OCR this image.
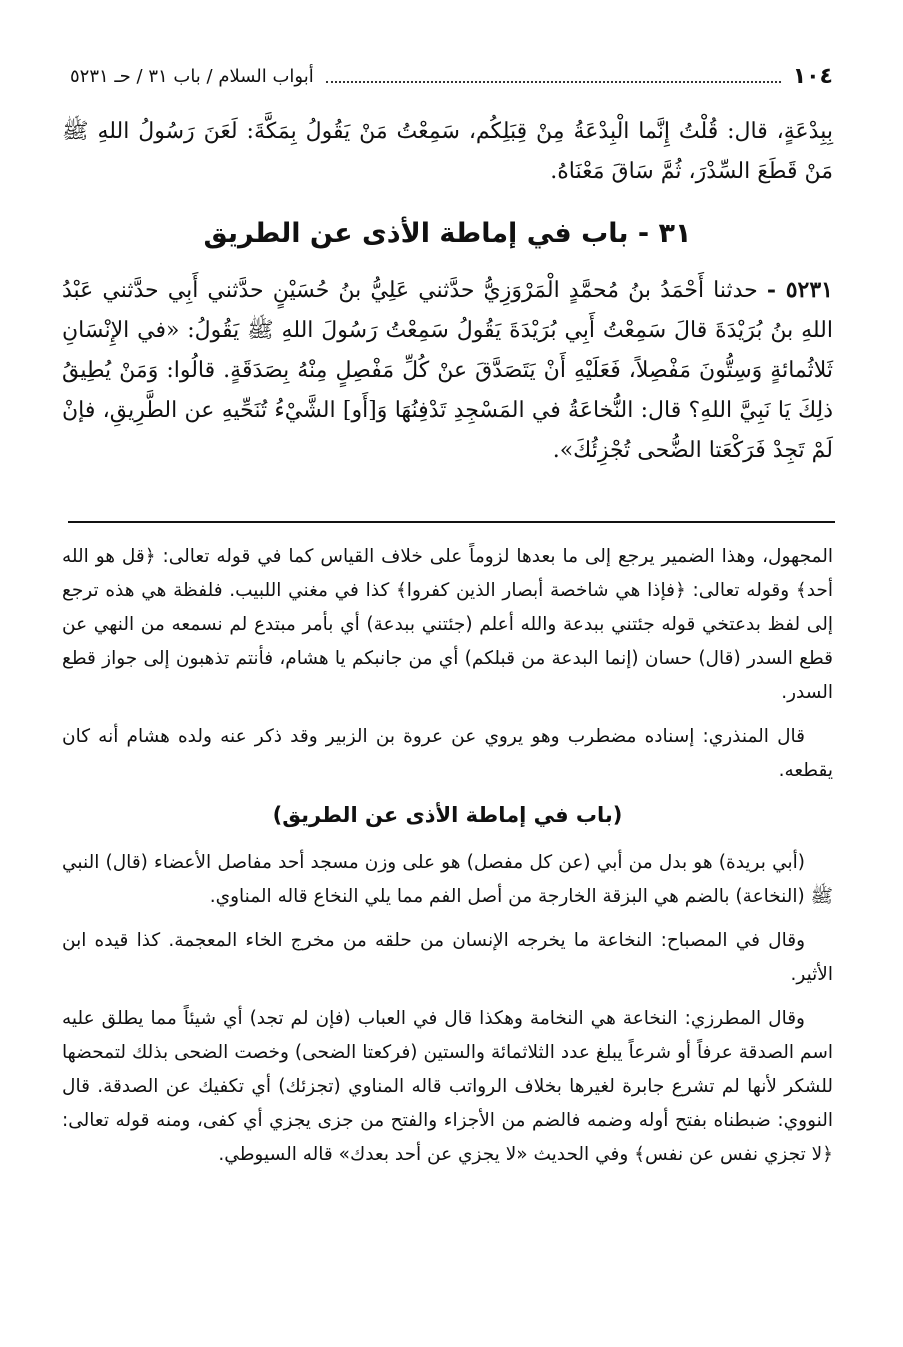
١٠٤
أبواب السلام / باب ٣١ / حـ ٥٢٣١

بِبِدْعَةٍ، قال: قُلْتُ إِنَّما الْبِدْعَةُ مِنْ قِبَلِكُم، سَمِعْتُ مَنْ يَقُولُ بِمَكَّةَ: لَعَنَ رَسُولُ اللهِ ﷺ مَنْ قَطَعَ السِّدْرَ، ثُمَّ سَاقَ مَعْنَاهُ.

٣١ - باب في إماطة الأذى عن الطريق

٥٢٣١ - حدثنا أَحْمَدُ بنُ مُحمَّدٍ الْمَرْوَزِيُّ حدَّثني عَلِيُّ بنُ حُسَيْنٍ حدَّثني أَبِي حدَّثني عَبْدُ اللهِ بنُ بُرَيْدَةَ قالَ سَمِعْتُ أَبِي بُرَيْدَةَ يَقُولُ سَمِعْتُ رَسُولَ اللهِ ﷺ يَقُولُ: «في الإِنْسَانِ ثَلاثُمائةٍ وَسِتُّونَ مَفْصِلاً، فَعَلَيْهِ أَنْ يَتَصَدَّقَ عنْ كُلِّ مَفْصِلٍ مِنْهُ بِصَدَقَةٍ. قالُوا: وَمَنْ يُطِيقُ ذلِكَ يَا نَبِيَّ اللهِ؟ قال: النُّخاعَةُ في المَسْجِدِ تَدْفِنُهَا وَ[أَو] الشَّيْءُ تُنَحِّيهِ عن الطَّرِيقِ، فإنْ لَمْ تَجِدْ فَرَكْعَتا الضُّحى تُجْزِئُكَ».

المجهول، وهذا الضمير يرجع إلى ما بعدها لزوماً على خلاف القياس كما في قوله تعالى: ﴿قل هو الله أحد﴾ وقوله تعالى: ﴿فإذا هي شاخصة أبصار الذين كفروا﴾ كذا في مغني اللبيب. فلفظة هي هذه ترجع إلى لفظ بدعتخي قوله جئتني ببدعة والله أعلم (جئتني ببدعة) أي بأمر مبتدع لم نسمعه من النهي عن قطع السدر (قال) حسان (إنما البدعة من قبلكم) أي من جانبكم يا هشام، فأنتم تذهبون إلى جواز قطع السدر.

قال المنذري: إسناده مضطرب وهو يروي عن عروة بن الزبير وقد ذكر عنه ولده هشام أنه كان يقطعه.

(باب في إماطة الأذى عن الطريق)

(أبي بريدة) هو بدل من أبي (عن كل مفصل) هو على وزن مسجد أحد مفاصل الأعضاء (قال) النبي ﷺ (النخاعة) بالضم هي البزقة الخارجة من أصل الفم مما يلي النخاع قاله المناوي.

وقال في المصباح: النخاعة ما يخرجه الإنسان من حلقه من مخرج الخاء المعجمة. كذا قيده ابن الأثير.

وقال المطرزي: النخاعة هي النخامة وهكذا قال في العباب (فإن لم تجد) أي شيئاً مما يطلق عليه اسم الصدقة عرفاً أو شرعاً يبلغ عدد الثلاثمائة والستين (فركعتا الضحى) وخصت الضحى بذلك لتمحضها للشكر لأنها لم تشرع جابرة لغيرها بخلاف الرواتب قاله المناوي (تجزئك) أي تكفيك عن الصدقة. قال النووي: ضبطناه بفتح أوله وضمه فالضم من الأجزاء والفتح من جزى يجزي أي كفى، ومنه قوله تعالى: ﴿لا تجزي نفس عن نفس﴾ وفي الحديث «لا يجزي عن أحد بعدك» قاله السيوطي.
